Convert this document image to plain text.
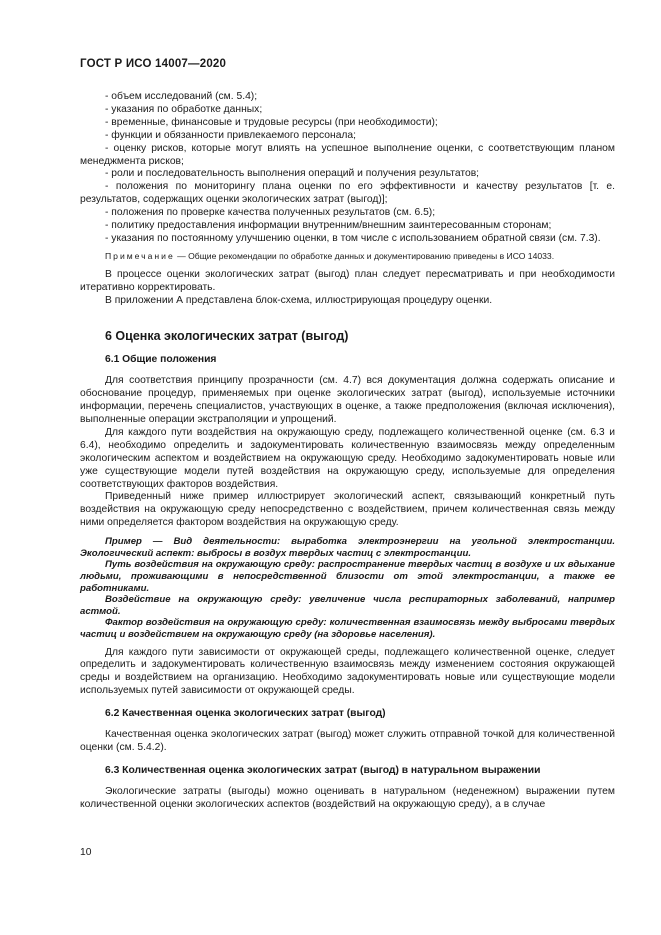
ГОСТ Р ИСО 14007—2020

- объем исследований (см. 5.4);

- указания по обработке данных;

- временные, финансовые и трудовые ресурсы (при необходимости);

- функции и обязанности привлекаемого персонала;

- оценку рисков, которые могут влиять на успешное выполнение оценки, с соответствующим планом менеджмента рисков;

- роли и последовательность выполнения операций и получения результатов;

- положения по мониторингу плана оценки по его эффективности и качеству результатов [т. е. результатов, содержащих оценки экологических затрат (выгод)];

- положения по проверке качества полученных результатов (см. 6.5);

- политику предоставления информации внутренним/внешним заинтересованным сторонам;

- указания по постоянному улучшению оценки, в том числе с использованием обратной связи (см. 7.3).

Примечание — Общие рекомендации по обработке данных и документированию приведены в ИСО 14033.

В процессе оценки экологических затрат (выгод) план следует пересматривать и при необходимости итеративно корректировать.

В приложении А представлена блок-схема, иллюстрирующая процедуру оценки.

6 Оценка экологических затрат (выгод)
6.1 Общие положения

Для соответствия принципу прозрачности (см. 4.7) вся документация должна содержать описание и обоснование процедур, применяемых при оценке экологических затрат (выгод), используемые источники информации, перечень специалистов, участвующих в оценке, а также предположения (включая исключения), выполненные операции экстраполяции и упрощений.

Для каждого пути воздействия на окружающую среду, подлежащего количественной оценке (см. 6.3 и 6.4), необходимо определить и задокументировать количественную взаимосвязь между определенным экологическим аспектом и воздействием на окружающую среду. Необходимо задокументировать новые или уже существующие модели путей воздействия на окружающую среду, используемые для определения соответствующих факторов воздействия.

Приведенный ниже пример иллюстрирует экологический аспект, связывающий конкретный путь воздействия на окружающую среду непосредственно с воздействием, причем количественная связь между ними определяется фактором воздействия на окружающую среду.

Пример — Вид деятельности: выработка электроэнергии на угольной электростанции. Экологический аспект: выбросы в воздух твердых частиц с электростанции.

Путь воздействия на окружающую среду: распространение твердых частиц в воздухе и их вдыхание людьми, проживающими в непосредственной близости от этой электростанции, а также ее работниками.

Воздействие на окружающую среду: увеличение числа респираторных заболеваний, например астмой.

Фактор воздействия на окружающую среду: количественная взаимосвязь между выбросами твердых частиц и воздействием на окружающую среду (на здоровье населения).

Для каждого пути зависимости от окружающей среды, подлежащего количественной оценке, следует определить и задокументировать количественную взаимосвязь между изменением состояния окружающей среды и воздействием на организацию. Необходимо задокументировать новые или существующие модели используемых путей зависимости от окружающей среды.

6.2 Качественная оценка экологических затрат (выгод)

Качественная оценка экологических затрат (выгод) может служить отправной точкой для количественной оценки (см. 5.4.2).

6.3 Количественная оценка экологических затрат (выгод) в натуральном выражении

Экологические затраты (выгоды) можно оценивать в натуральном (неденежном) выражении путем количественной оценки экологических аспектов (воздействий на окружающую среду), а в случае

10
